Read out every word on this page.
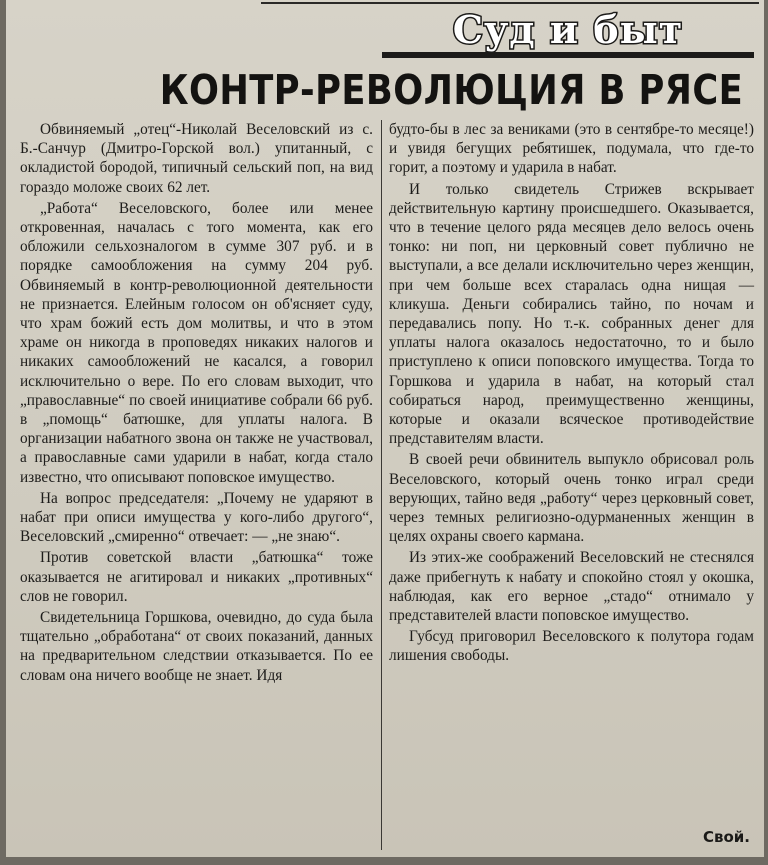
Суд и быт
КОНТР-РЕВОЛЮЦИЯ В РЯСЕ

Обвиняемый „отец“-Николай Веселовский из с. Б.-Санчур (Дмитро-Горской вол.) упитанный, с окладистой бородой, типичный сельский поп, на вид гораздо моложе своих 62 лет.

„Работа“ Веселовского, более или менее откровенная, началась с того момента, как его обложили сельхозналогом в сумме 307 руб. и в порядке самообложения на сумму 204 руб. Обвиняемый в контр-революционной деятельности не признается. Елейным голосом он об'ясняет суду, что храм божий есть дом молитвы, и что в этом храме он никогда в проповедях никаких налогов и никаких самообложений не касался, а говорил исключительно о вере. По его словам выходит, что „православные“ по своей инициативе собрали 66 руб. в „помощь“ батюшке, для уплаты налога. В организации набатного звона он также не участвовал, а православные сами ударили в набат, когда стало известно, что описывают поповское имущество.

На вопрос председателя: „Почему не ударяют в набат при описи имущества у кого-либо другого“, Веселовский „смиренно“ отвечает: — „не знаю“.

Против советской власти „батюшка“ тоже оказывается не агитировал и никаких „противных“ слов не говорил.

Свидетельница Горшкова, очевидно, до суда была тщательно „обработана“ от своих показаний, данных на предварительном следствии отказывается. По ее словам она ничего вообще не знает. Идя

будто-бы в лес за вениками (это в сентябре-то месяце!) и увидя бегущих ребятишек, подумала, что где-то горит, а поэтому и ударила в набат.

И только свидетель Стрижев вскрывает действительную картину происшедшего. Оказывается, что в течение целого ряда месяцев дело велось очень тонко: ни поп, ни церковный совет публично не выступали, а все делали исключительно через женщин, при чем больше всех старалась одна нищая — кликуша. Деньги собирались тайно, по ночам и передавались попу. Но т.-к. собранных денег для уплаты налога оказалось недостаточно, то и было приступлено к описи поповского имущества. Тогда то Горшкова и ударила в набат, на который стал собираться народ, преимущественно женщины, которые и оказали всяческое противодействие представителям власти.

В своей речи обвинитель выпукло обрисовал роль Веселовского, который очень тонко играл среди верующих, тайно ведя „работу“ через церковный совет, через темных религиозно-одурманенных женщин в целях охраны своего кармана.

Из этих-же соображений Веселовский не стеснялся даже прибегнуть к набату и спокойно стоял у окошка, наблюдая, как его верное „стадо“ отнимало у представителей власти поповское имущество.

Губсуд приговорил Веселовского к полутора годам лишения свободы.

Свой.
